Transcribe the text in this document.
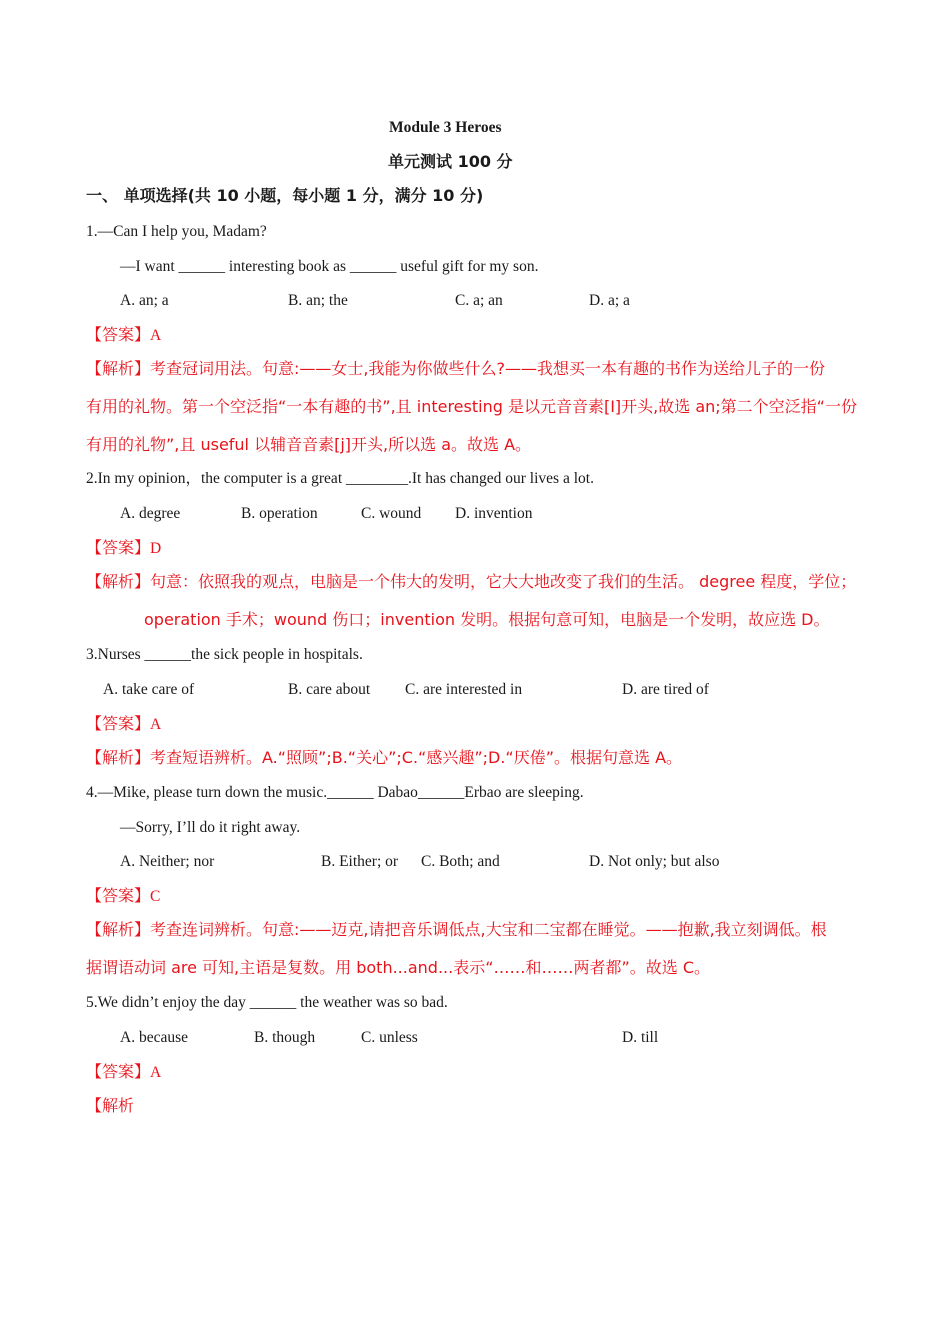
Module 3 Heroes
单元测试 100 分
一、 单项选择(共 10 小题，每小题 1 分，满分 10 分)
1.—Can I help you, Madam?
—I want ______ interesting book as ______ useful gift for my son.
A. an; a	B. an; the	C. a; an	D. a; a
【答案】A
【解析】考查冠词用法。句意:——女士,我能为你做些什么?——我想买一本有趣的书作为送给儿子的一份
有用的礼物。第一个空泛指“一本有趣的书”,且 interesting 是以元音音素[I]开头,故选 an;第二个空泛指“一份
有用的礼物”,且 useful 以辅音音素[j]开头,所以选 a。故选 A。
2.In my opinion，the computer is a great ________.It has changed our lives a lot.
A. degree	B. operation	C. wound D. invention
【答案】D
【解析】句意：依照我的观点，电脑是一个伟大的发明，它大大地改变了我们的生活。 degree 程度，学位；
operation 手术；wound 伤口；invention 发明。根据句意可知，电脑是一个发明，故应选 D。
3.Nurses ______the sick people in hospitals.
A. take care of	B. care about C. are interested in	D. are tired of
【答案】A
【解析】考查短语辨析。A.“照顾”;B.“关心”;C.“感兴趣”;D.“厌倦”。根据句意选 A。
4.—Mike, please turn down the music.______ Dabao______Erbao are sleeping.
—Sorry, I’ll do it right away.
A. Neither; nor	B. Either; or C. Both; and	D. Not only; but also
【答案】C
【解析】考查连词辨析。句意:——迈克,请把音乐调低点,大宝和二宝都在睡觉。——抱歉,我立刻调低。根
据谓语动词 are 可知,主语是复数。用 both...and...表示“……和……两者都”。故选 C。
5.We didn’t enjoy the day ______ the weather was so bad.
A. because	B. though	C. unless	D. till
【答案】A
【解析
